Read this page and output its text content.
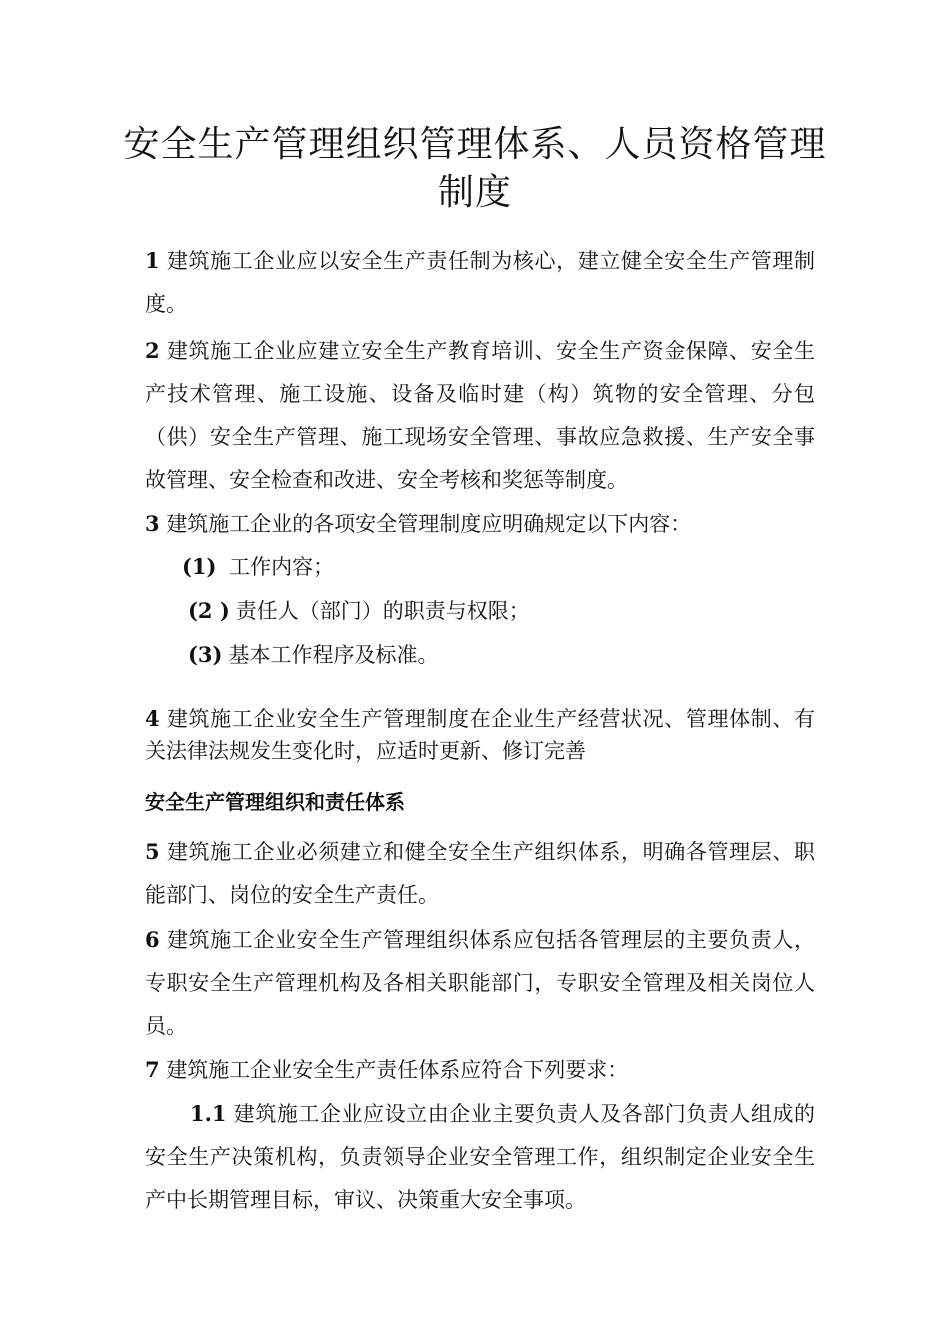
安全生产管理组织管理体系、人员资格管理制度

1 建筑施工企业应以安全生产责任制为核心，建立健全安全生产管理制度。

2 建筑施工企业应建立安全生产教育培训、安全生产资金保障、安全生产技术管理、施工设施、设备及临时建（构）筑物的安全管理、分包（供）安全生产管理、施工现场安全管理、事故应急救援、生产安全事故管理、安全检查和改进、安全考核和奖惩等制度。

3 建筑施工企业的各项安全管理制度应明确规定以下内容：

(1) 工作内容；

(2 ) 责任人（部门）的职责与权限；

(3) 基本工作程序及标准。

4 建筑施工企业安全生产管理制度在企业生产经营状况、管理体制、有关法律法规发生变化时，应适时更新、修订完善

安全生产管理组织和责任体系

5 建筑施工企业必须建立和健全安全生产组织体系，明确各管理层、职能部门、岗位的安全生产责任。

6 建筑施工企业安全生产管理组织体系应包括各管理层的主要负责人，专职安全生产管理机构及各相关职能部门，专职安全管理及相关岗位人员。

7 建筑施工企业安全生产责任体系应符合下列要求：

1.1 建筑施工企业应设立由企业主要负责人及各部门负责人组成的安全生产决策机构，负责领导企业安全管理工作，组织制定企业安全生产中长期管理目标，审议、决策重大安全事项。
